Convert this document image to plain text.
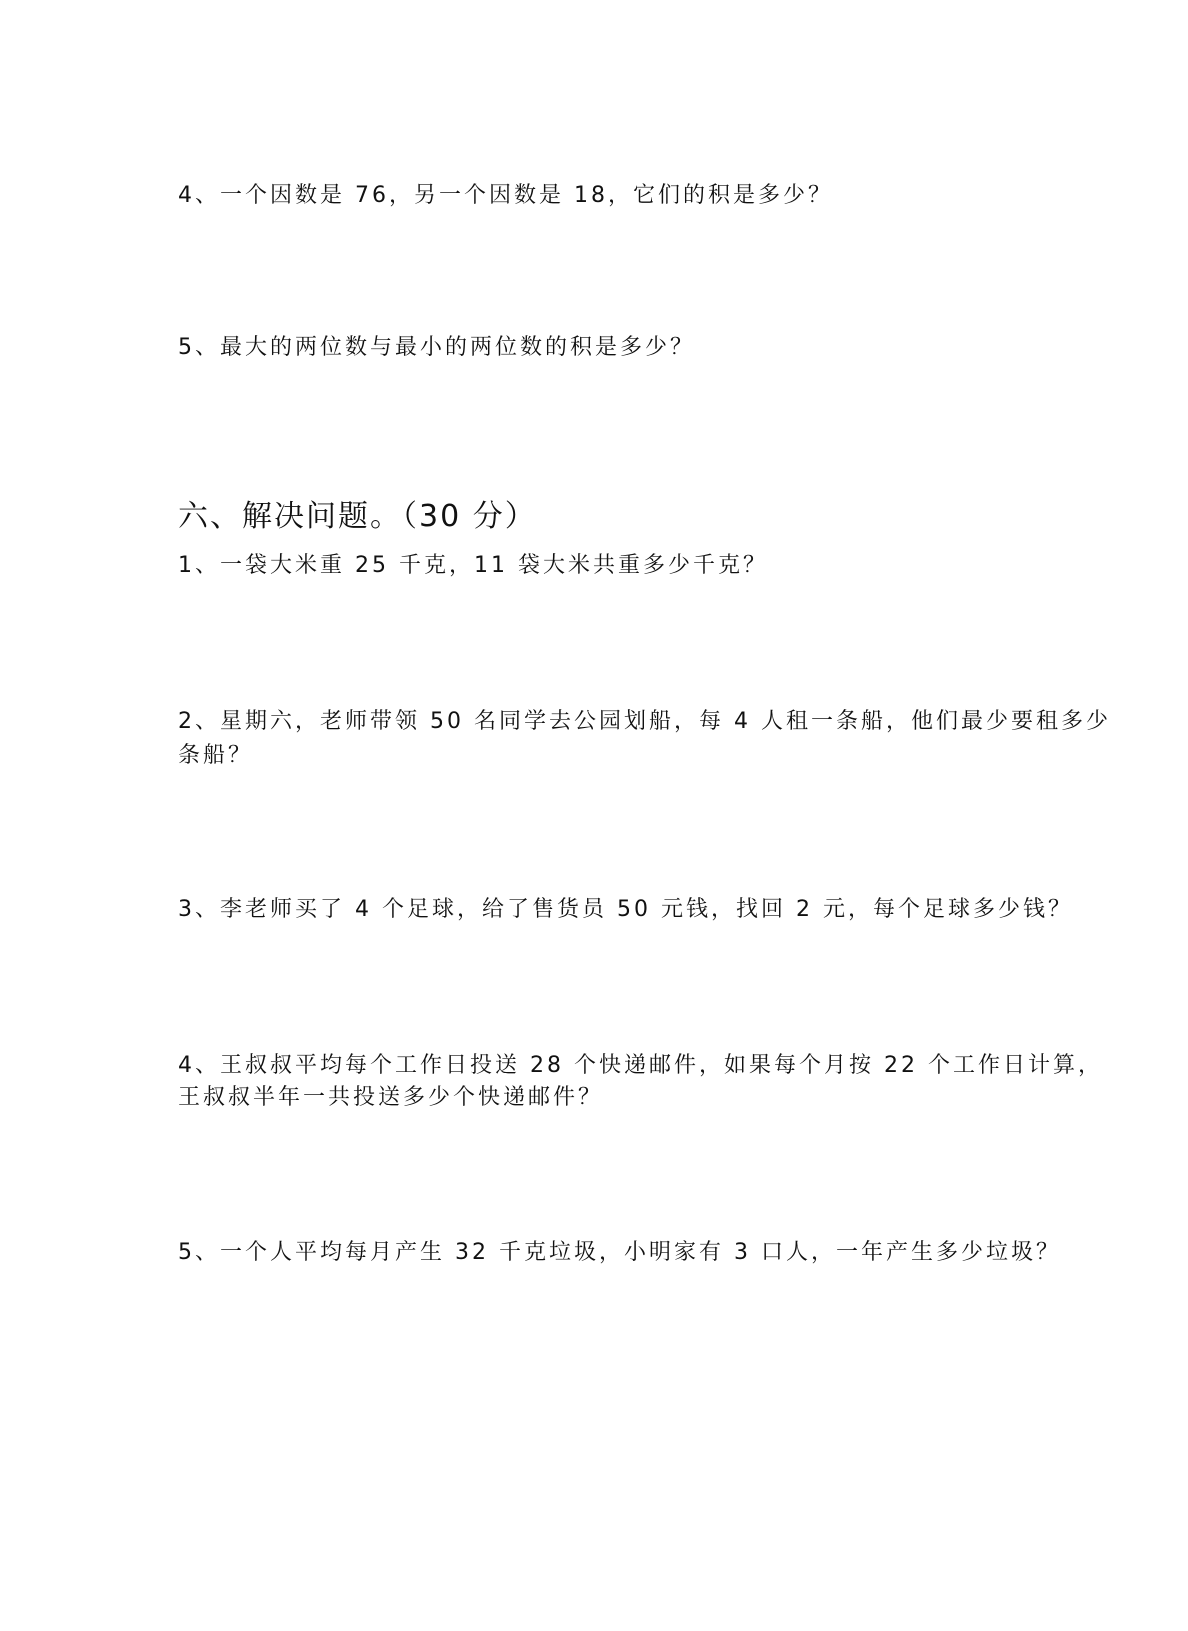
4、一个因数是 76，另一个因数是 18，它们的积是多少？
5、最大的两位数与最小的两位数的积是多少？
六、解决问题。（30 分）
1、一袋大米重 25 千克，11 袋大米共重多少千克？
2、星期六，老师带领 50 名同学去公园划船，每 4 人租一条船，他们最少要租多少
条船？
3、李老师买了 4 个足球，给了售货员 50 元钱，找回 2 元，每个足球多少钱？
4、王叔叔平均每个工作日投送 28 个快递邮件，如果每个月按 22 个工作日计算，
王叔叔半年一共投送多少个快递邮件？
5、一个人平均每月产生 32 千克垃圾，小明家有 3 口人，一年产生多少垃圾？
